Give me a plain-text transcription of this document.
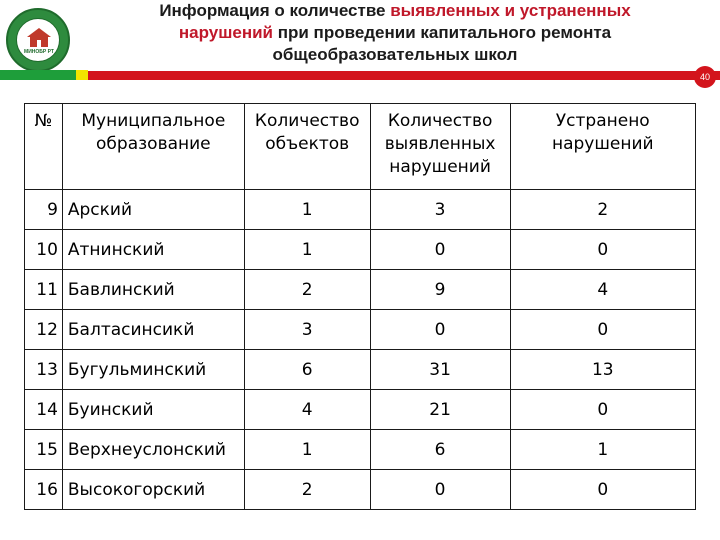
МИНОБР РТ
Информация о количестве выявленных и устраненных
нарушений при проведении капитального ремонта
общеобразовательных школ
40
№	Муниципальное образование	Количество объектов	Количество выявленных нарушений	Устранено нарушений

9	Арский	1	3	2
10	Атнинский	1	0	0
11	Бавлинский	2	9	4
12	Балтасинсикй	3	0	0
13	Бугульминский	6	31	13
14	Буинский	4	21	0
15	Верхнеуслонский	1	6	1
16	Высокогорский	2	0	0
